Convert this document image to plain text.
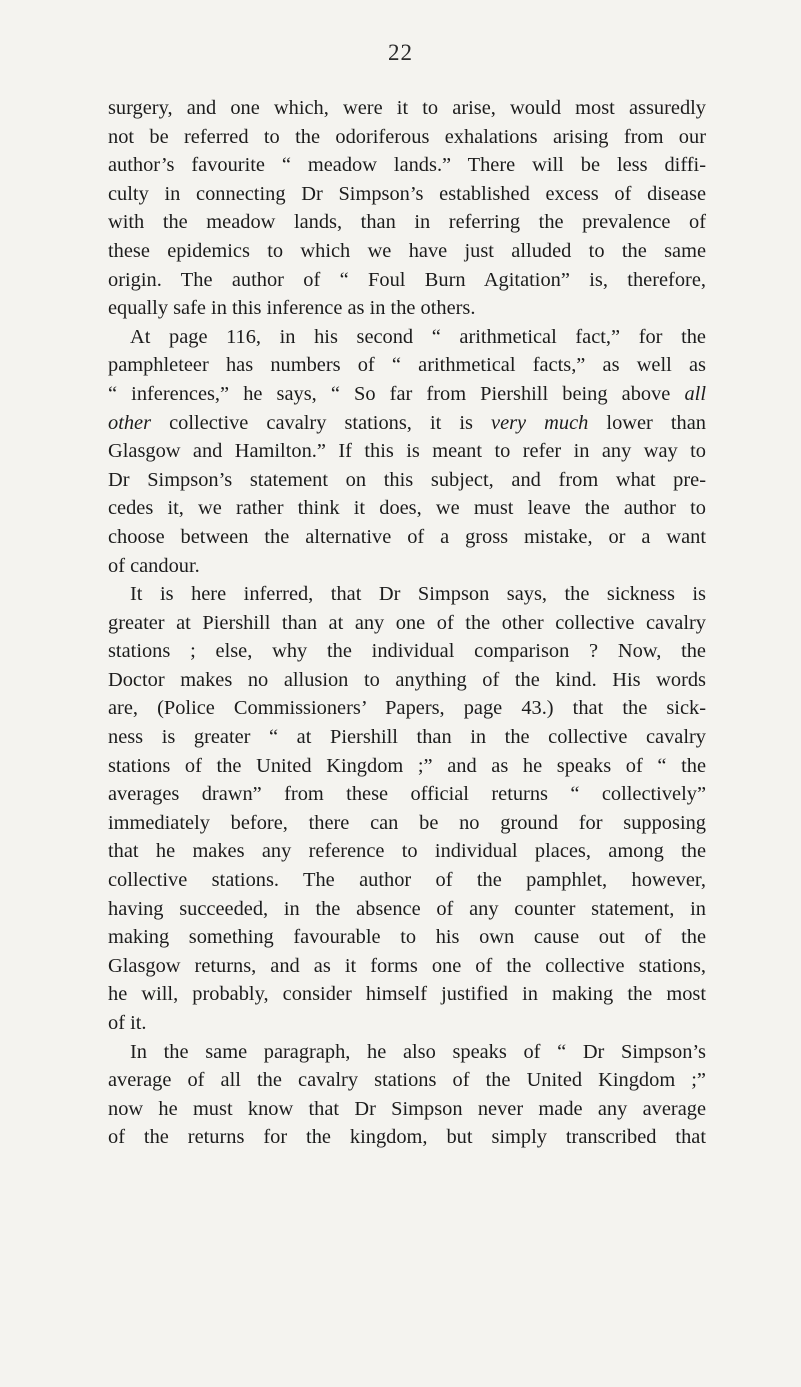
22
surgery, and one which, were it to arise, would most assuredly
not be referred to the odoriferous exhalations arising from our
author’s favourite “ meadow lands.” There will be less diffi-
culty in connecting Dr Simpson’s established excess of disease
with the meadow lands, than in referring the prevalence of
these epidemics to which we have just alluded to the same
origin. The author of “ Foul Burn Agitation” is, therefore,
equally safe in this inference as in the others.
At page 116, in his second “ arithmetical fact,” for the
pamphleteer has numbers of “ arithmetical facts,” as well as
“ inferences,” he says, “ So far from Piershill being above all
other collective cavalry stations, it is very much lower than
Glasgow and Hamilton.” If this is meant to refer in any way to
Dr Simpson’s statement on this subject, and from what pre-
cedes it, we rather think it does, we must leave the author to
choose between the alternative of a gross mistake, or a want
of candour.
It is here inferred, that Dr Simpson says, the sickness is
greater at Piershill than at any one of the other collective cavalry
stations ; else, why the individual comparison ? Now, the
Doctor makes no allusion to anything of the kind. His words
are, (Police Commissioners’ Papers, page 43.) that the sick-
ness is greater “ at Piershill than in the collective cavalry
stations of the United Kingdom ;” and as he speaks of “ the
averages drawn” from these official returns “ collectively”
immediately before, there can be no ground for supposing
that he makes any reference to individual places, among the
collective stations. The author of the pamphlet, however,
having succeeded, in the absence of any counter statement, in
making something favourable to his own cause out of the
Glasgow returns, and as it forms one of the collective stations,
he will, probably, consider himself justified in making the most
of it.
In the same paragraph, he also speaks of “ Dr Simpson’s
average of all the cavalry stations of the United Kingdom ;”
now he must know that Dr Simpson never made any average
of the returns for the kingdom, but simply transcribed that
